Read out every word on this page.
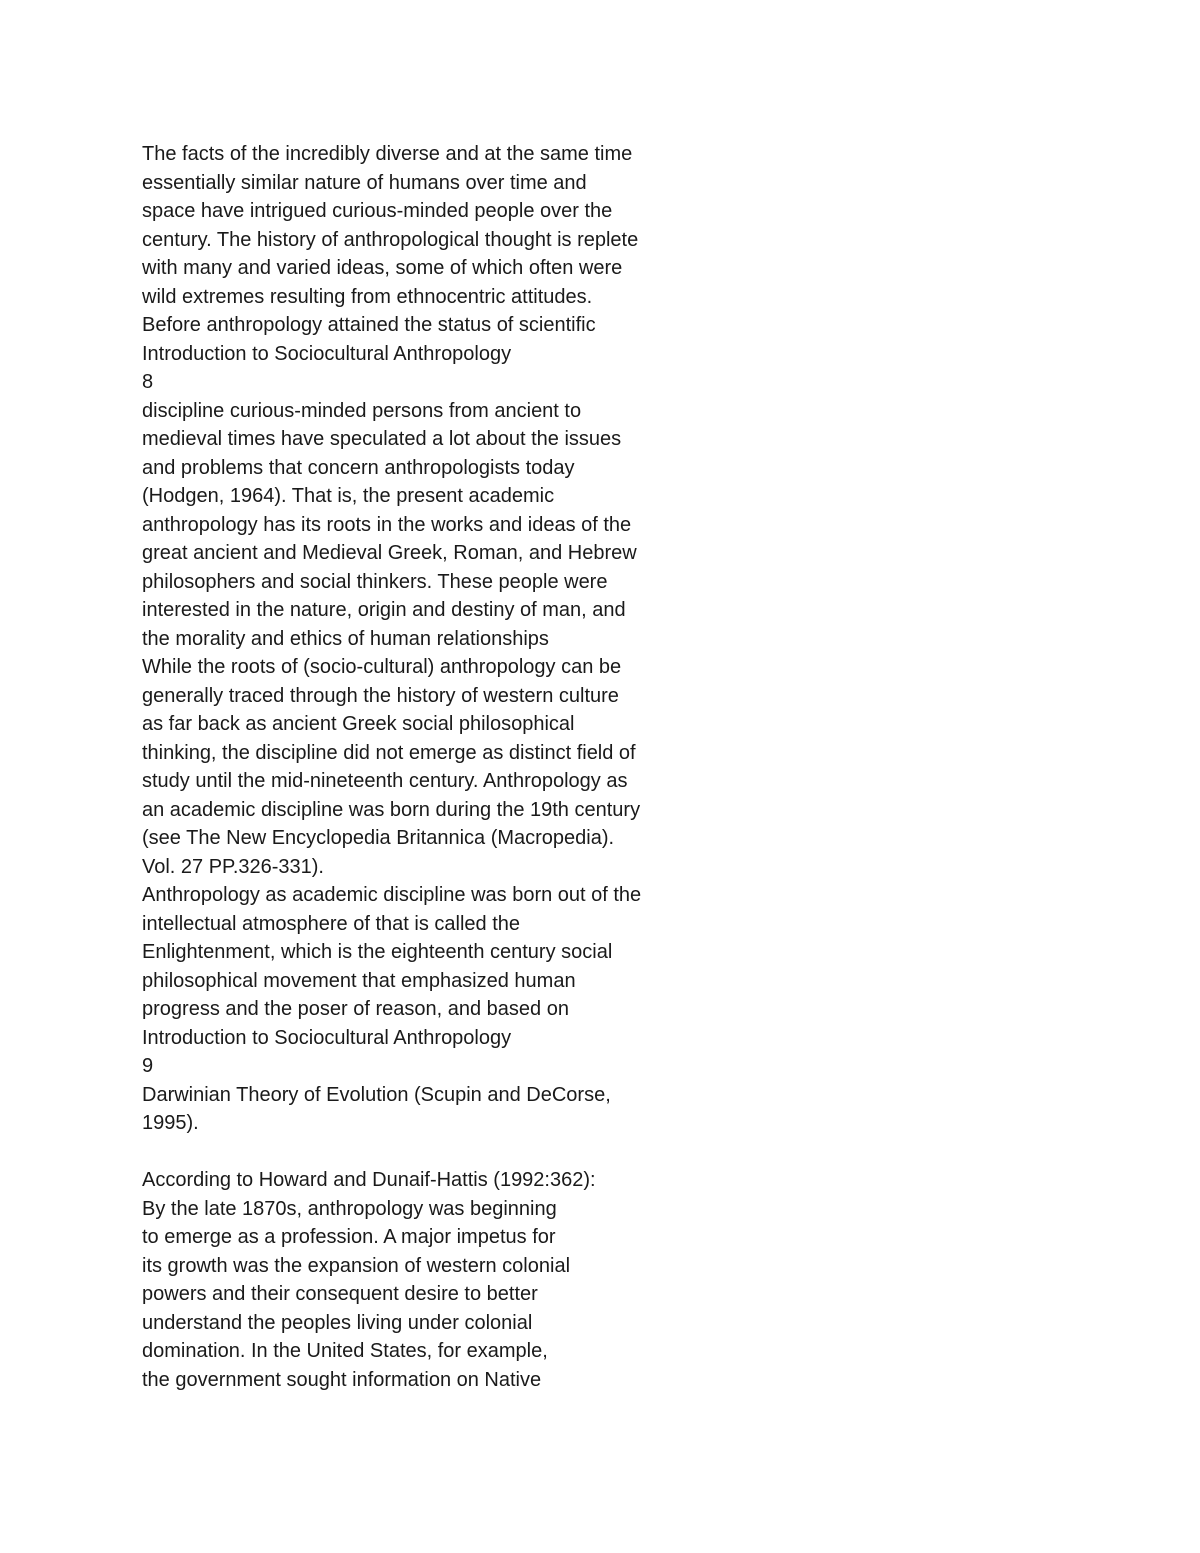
The facts of the incredibly diverse and at the same time
essentially similar nature of humans over time and
space have intrigued curious-minded people over the
century. The history of anthropological thought is replete
with many and varied ideas, some of which often were
wild extremes resulting from ethnocentric attitudes.
Before anthropology attained the status of scientific
Introduction to Sociocultural Anthropology
8
discipline curious-minded persons from ancient to
medieval times have speculated a lot about the issues
and problems that concern anthropologists today
(Hodgen, 1964). That is, the present academic
anthropology has its roots in the works and ideas of the
great ancient and Medieval Greek, Roman, and Hebrew
philosophers and social thinkers. These people were
interested in the nature, origin and destiny of man, and
the morality and ethics of human relationships
While the roots of (socio-cultural) anthropology can be
generally traced through the history of western culture
as far back as ancient Greek social philosophical
thinking, the discipline did not emerge as distinct field of
study until the mid-nineteenth century. Anthropology as
an academic discipline was born during the 19th century
(see The New Encyclopedia Britannica (Macropedia).
Vol. 27 PP.326-331).
Anthropology as academic discipline was born out of the
intellectual atmosphere of that is called the
Enlightenment, which is the eighteenth century social
philosophical movement that emphasized human
progress and the poser of reason, and based on
Introduction to Sociocultural Anthropology
9
Darwinian Theory of Evolution (Scupin and DeCorse,
1995).
According to Howard and Dunaif-Hattis (1992:362):
By the late 1870s, anthropology was beginning
to emerge as a profession. A major impetus for
its growth was the expansion of western colonial
powers and their consequent desire to better
understand the peoples living under colonial
domination. In the United States, for example,
the government sought information on Native
